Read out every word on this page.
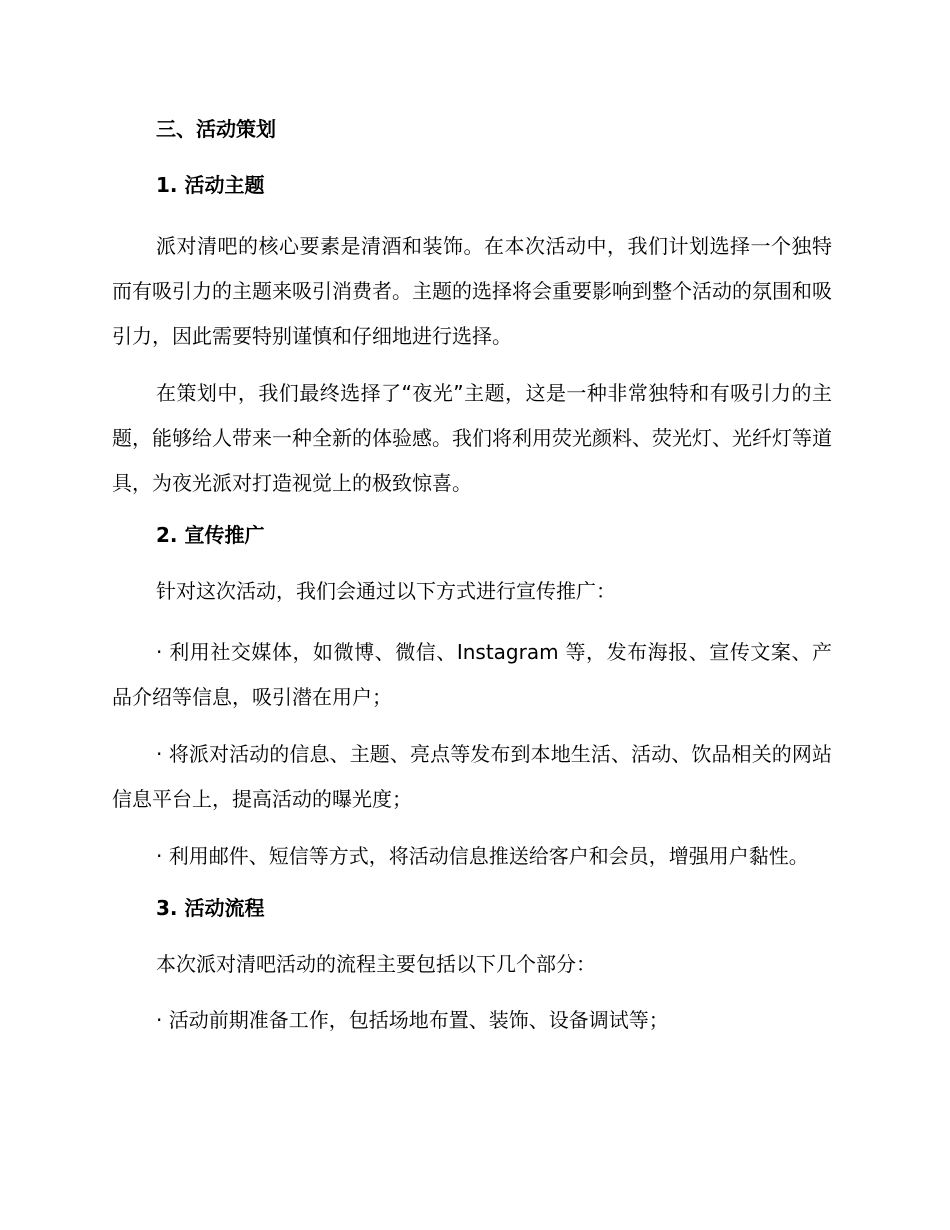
三、活动策划
1. 活动主题

派对清吧的核心要素是清酒和装饰。在本次活动中，我们计划选择一个独特而有吸引力的主题来吸引消费者。主题的选择将会重要影响到整个活动的氛围和吸引力，因此需要特别谨慎和仔细地进行选择。

在策划中，我们最终选择了“夜光”主题，这是一种非常独特和有吸引力的主题，能够给人带来一种全新的体验感。我们将利用荧光颜料、荧光灯、光纤灯等道具，为夜光派对打造视觉上的极致惊喜。

2. 宣传推广
针对这次活动，我们会通过以下方式进行宣传推广：

· 利用社交媒体，如微博、微信、Instagram 等，发布海报、宣传文案、产品介绍等信息，吸引潜在用户；

· 将派对活动的信息、主题、亮点等发布到本地生活、活动、饮品相关的网站信息平台上，提高活动的曝光度；

· 利用邮件、短信等方式，将活动信息推送给客户和会员，增强用户黏性。

3. 活动流程
本次派对清吧活动的流程主要包括以下几个部分：
· 活动前期准备工作，包括场地布置、装饰、设备调试等；
